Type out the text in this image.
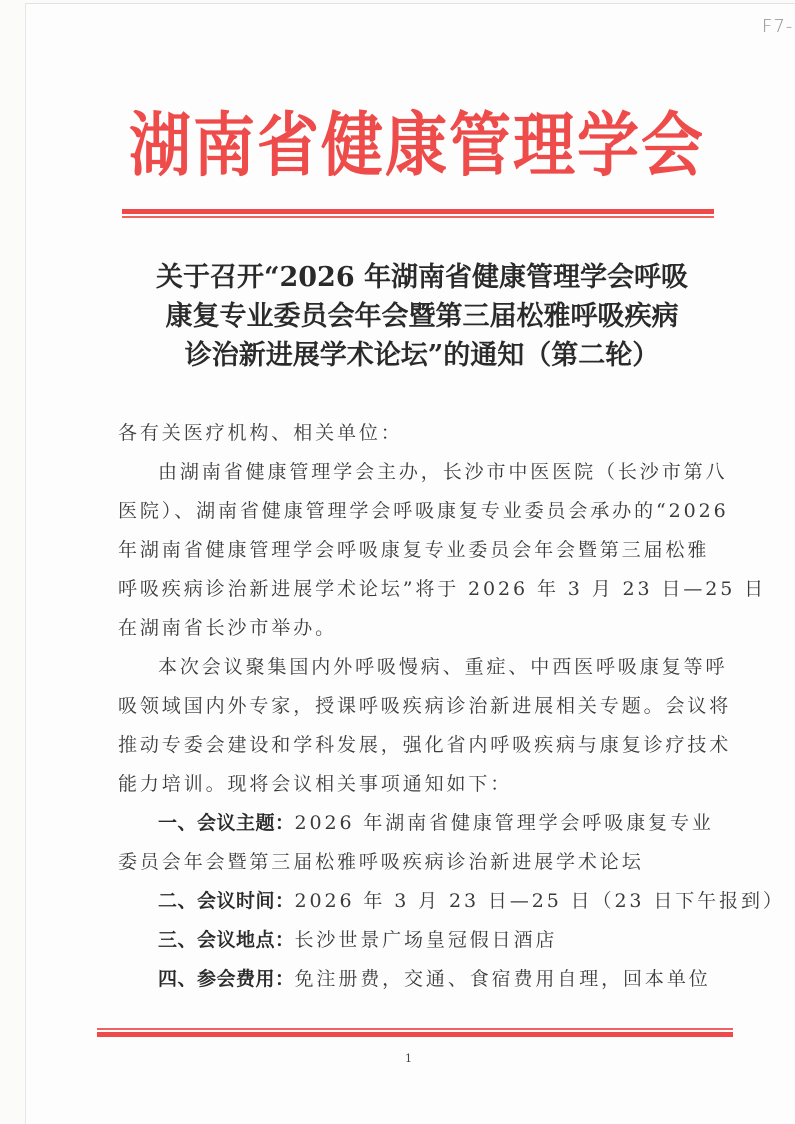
F7-
湖南省健康管理学会
关于召开“2026 年湖南省健康管理学会呼吸
康复专业委员会年会暨第三届松雅呼吸疾病
诊治新进展学术论坛”的通知（第二轮）
各有关医疗机构、相关单位：
由湖南省健康管理学会主办，长沙市中医医院（长沙市第八
医院）、湖南省健康管理学会呼吸康复专业委员会承办的“2026
年湖南省健康管理学会呼吸康复专业委员会年会暨第三届松雅
呼吸疾病诊治新进展学术论坛”将于 2026 年 3 月 23 日—25 日
在湖南省长沙市举办。
本次会议聚集国内外呼吸慢病、重症、中西医呼吸康复等呼
吸领域国内外专家，授课呼吸疾病诊治新进展相关专题。会议将
推动专委会建设和学科发展，强化省内呼吸疾病与康复诊疗技术
能力培训。现将会议相关事项通知如下：
一、会议主题：2026 年湖南省健康管理学会呼吸康复专业
委员会年会暨第三届松雅呼吸疾病诊治新进展学术论坛
二、会议时间：2026 年 3 月 23 日—25 日（23 日下午报到）
三、会议地点：长沙世景广场皇冠假日酒店
四、参会费用：免注册费，交通、食宿费用自理，回本单位
1
